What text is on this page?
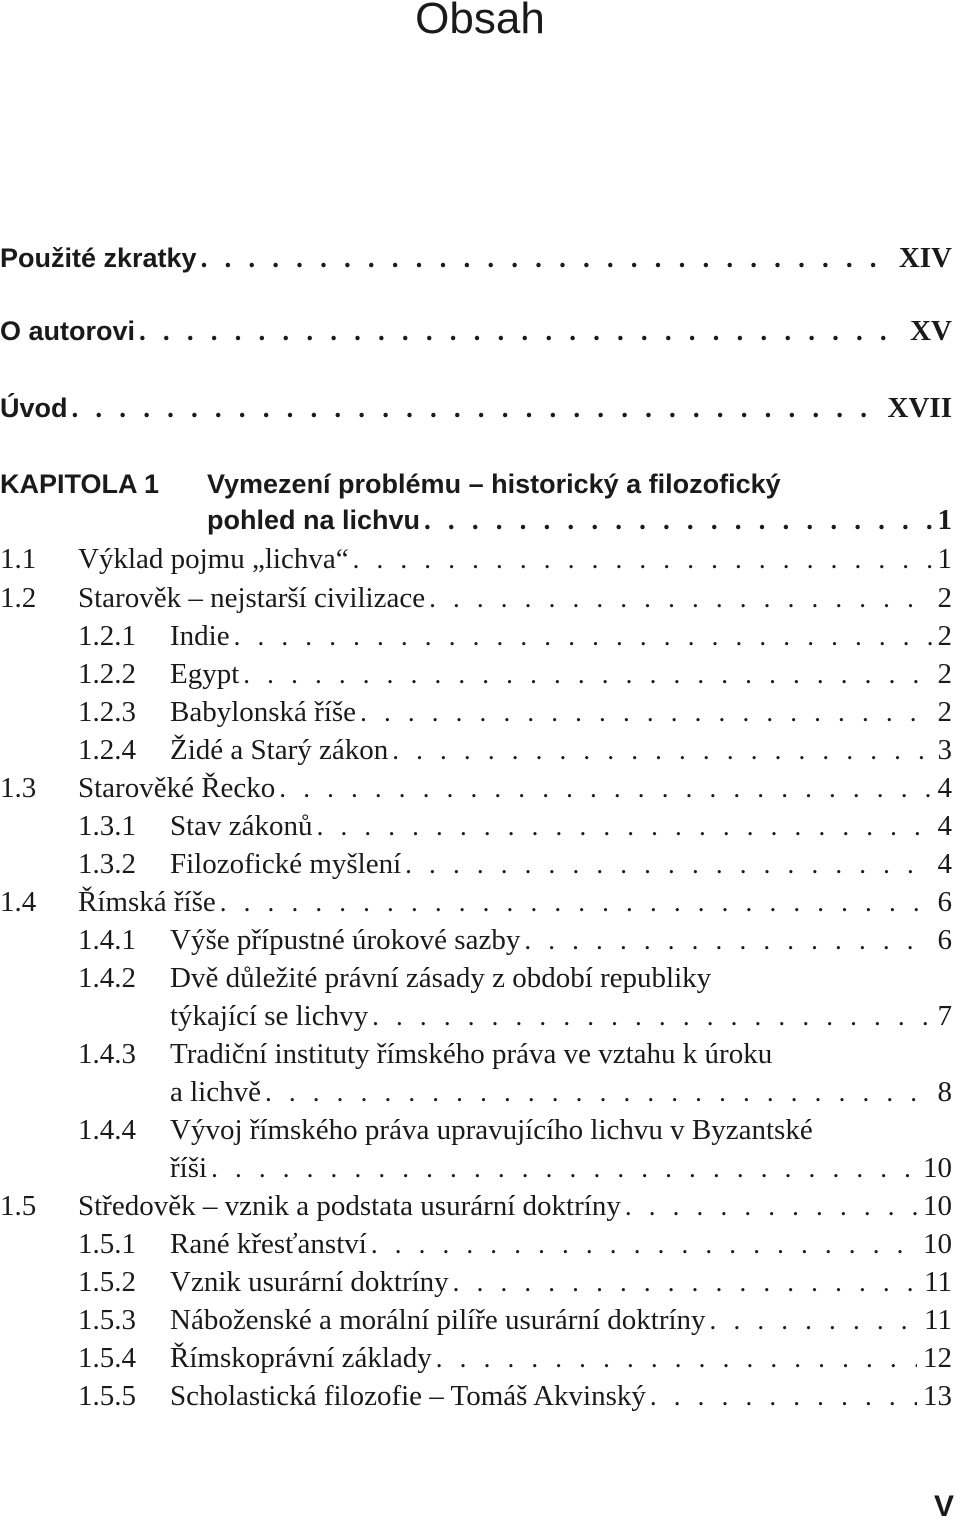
Obsah
Použité zkratky . . .	XIV
O autorovi . . .	XV
Úvod . . .	XVII
KAPITOLA 1	Vymezení problému – historický a filozofický
pohled na lichvu . . .	1
1.1	Výklad pojmu „lichva“ . . .	1
1.2	Starověk – nejstarší civilizace . . .	2
1.2.1	Indie . . .	2
1.2.2	Egypt . . .	2
1.2.3	Babylonská říše . . .	2
1.2.4	Židé a Starý zákon . . .	3
1.3	Starověké Řecko . . .	4
1.3.1	Stav zákonů . . .	4
1.3.2	Filozofické myšlení . . .	4
1.4	Římská říše . . .	6
1.4.1	Výše přípustné úrokové sazby . . .	6
1.4.2	Dvě důležité právní zásady z období republiky
týkající se lichvy . . .	7
1.4.3	Tradiční instituty římského práva ve vztahu k úroku
a lichvě . . .	8
1.4.4	Vývoj římského práva upravujícího lichvu v Byzantské
říši . . .	10
1.5	Středověk – vznik a podstata usurární doktríny . . .	10
1.5.1	Rané křesťanství . . .	10
1.5.2	Vznik usurární doktríny . . .	11
1.5.3	Náboženské a morální pilíře usurární doktríny . . .	11
1.5.4	Římskoprávní základy . . .	12
1.5.5	Scholastická filozofie – Tomáš Akvinský . . .	13
V
